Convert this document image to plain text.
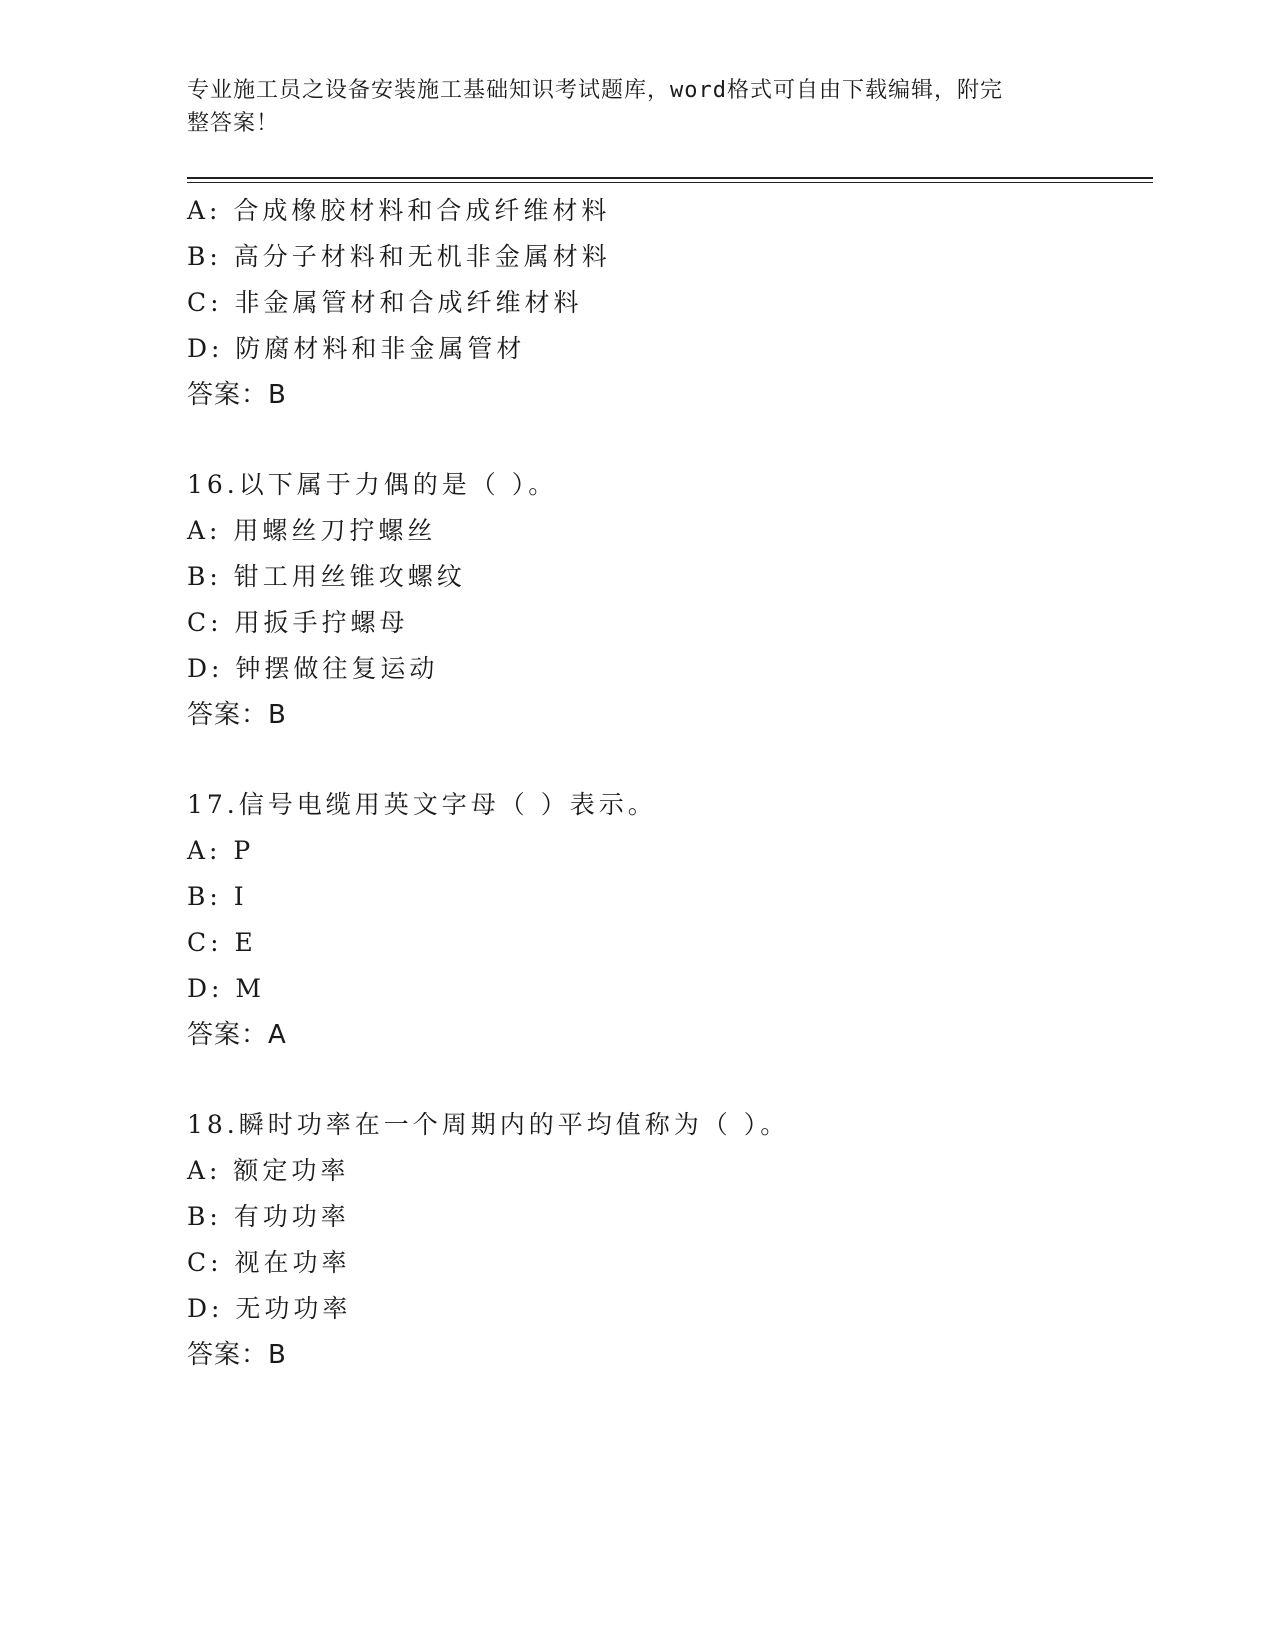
专业施工员之设备安装施工基础知识考试题库，word格式可自由下载编辑，附完
整答案！
A: 合成橡胶材料和合成纤维材料
B: 高分子材料和无机非金属材料
C: 非金属管材和合成纤维材料
D: 防腐材料和非金属管材
答案：B
16.以下属于力偶的是（ ）。
A: 用螺丝刀拧螺丝
B: 钳工用丝锥攻螺纹
C: 用扳手拧螺母
D: 钟摆做往复运动
答案：B
17.信号电缆用英文字母（ ）表示。
A: P
B: I
C: E
D: M
答案：A
18.瞬时功率在一个周期内的平均值称为（ ）。
A: 额定功率
B: 有功功率
C: 视在功率
D: 无功功率
答案：B
